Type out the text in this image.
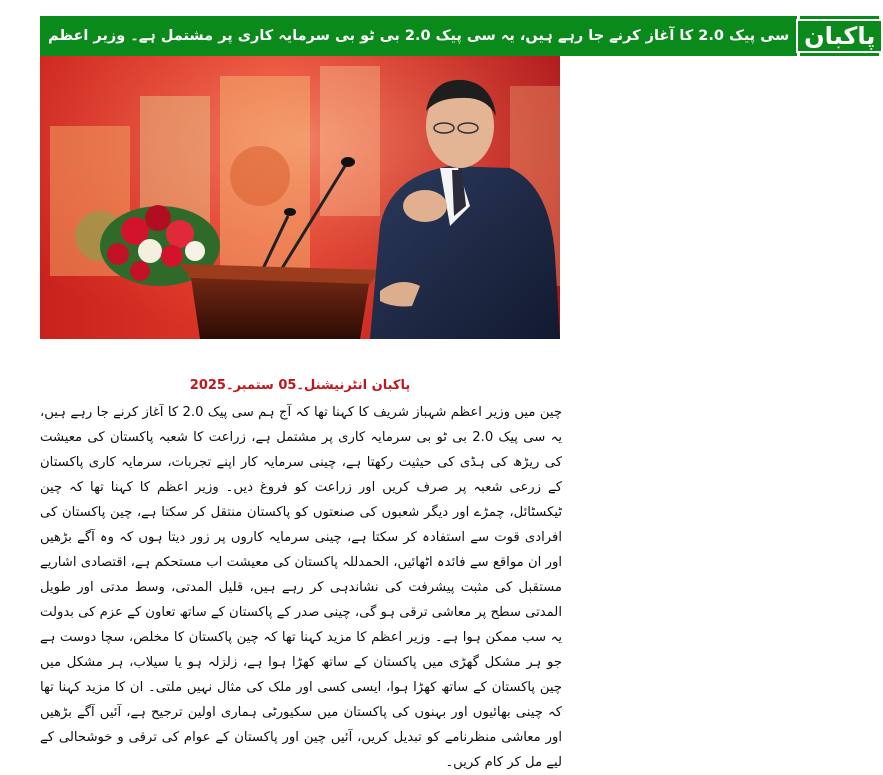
سی پیک 2.0 کا آغاز کرنے جا رہے ہیں، یہ سی پیک 2.0 بی ٹو بی سرمایہ کاری پر مشتمل ہے۔ وزیر اعظم پاکبان
پاکبان انٹرنیشنل۔05 ستمبر۔2025

چین میں وزیر اعظم شہباز شریف کا کہنا تھا کہ آج ہم سی پیک 2.0 کا آغاز کرنے جا رہے ہیں، یہ سی پیک 2.0 بی ٹو بی سرمایہ کاری پر مشتمل ہے، زراعت کا شعبہ پاکستان کی معیشت کی ریڑھ کی ہڈی کی حیثیت رکھتا ہے، چینی سرمایہ کار اپنے تجربات، سرمایہ کاری پاکستان کے زرعی شعبہ پر صرف کریں اور زراعت کو فروغ دیں۔ وزیر اعظم کا کہنا تھا کہ چین ٹیکسٹائل، چمڑے اور دیگر شعبوں کی صنعتوں کو پاکستان منتقل کر سکتا ہے، چین پاکستان کی افرادی قوت سے استفادہ کر سکتا ہے، چینی سرمایہ کاروں پر زور دیتا ہوں کہ وہ آگے بڑھیں اور ان مواقع سے فائدہ اٹھائیں، الحمدللہ پاکستان کی معیشت اب مستحکم ہے، اقتصادی اشاریے مستقبل کی مثبت پیشرفت کی نشاندہی کر رہے ہیں، قلیل المدتی، وسط مدتی اور طویل المدتی سطح پر معاشی ترقی ہو گی، چینی صدر کے پاکستان کے ساتھ تعاون کے عزم کی بدولت یہ سب ممکن ہوا ہے۔ وزیر اعظم کا مزید کہنا تھا کہ چین پاکستان کا مخلص، سچا دوست ہے جو ہر مشکل گھڑی میں پاکستان کے ساتھ کھڑا ہوا ہے، زلزلہ ہو یا سیلاب، ہر مشکل میں چین پاکستان کے ساتھ کھڑا ہوا، ایسی کسی اور ملک کی مثال نہیں ملتی۔ ان کا مزید کہنا تھا کہ چینی بھائیوں اور بہنوں کی پاکستان میں سکیورٹی ہماری اولین ترجیح ہے، آئیں آگے بڑھیں اور معاشی منظرنامے کو تبدیل کریں، آئیں چین اور پاکستان کے عوام کی ترقی و خوشحالی کے لیے مل کر کام کریں۔
